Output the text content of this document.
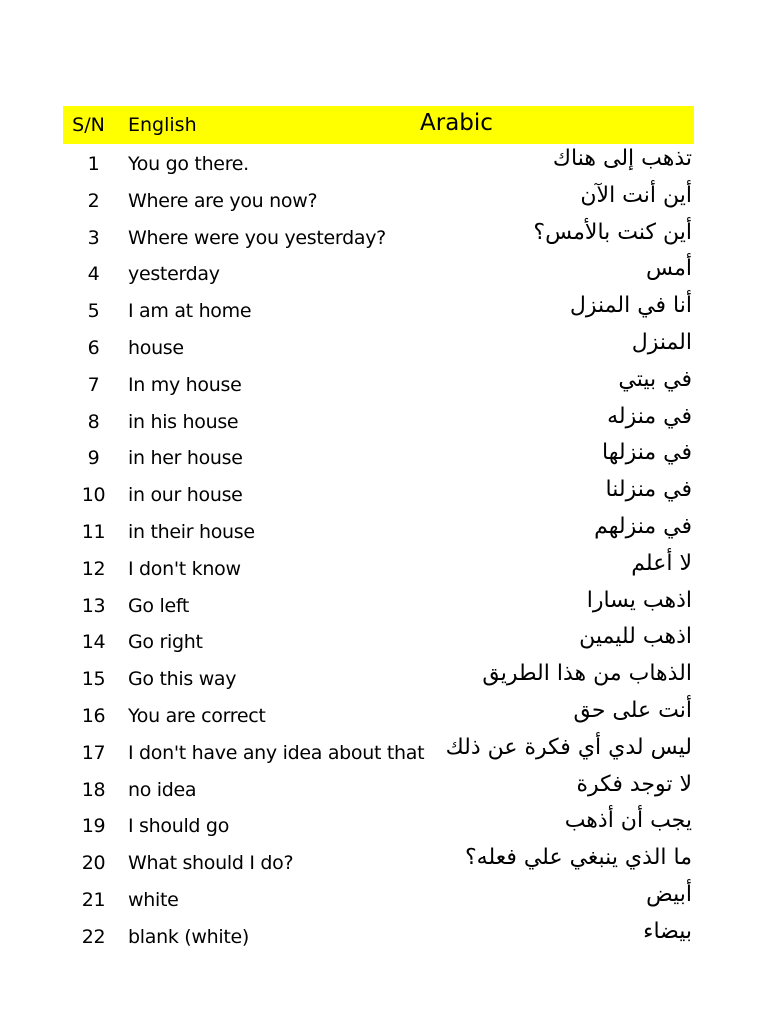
S/N	English	Arabic
1	You go there.	تذهب إلى هناك
2	Where are you now?	أين أنت الآن
3	Where were you yesterday?	أين كنت بالأمس؟
4	yesterday	أمس
5	I am at home	أنا في المنزل
6	house	المنزل
7	In my house	في بيتي
8	in his house	في منزله
9	in her house	في منزلها
10	in our house	في منزلنا
11	in their house	في منزلهم
12	I don't know	لا أعلم
13	Go left	اذهب يسارا
14	Go right	اذهب لليمين
15	Go this way	الذهاب من هذا الطريق
16	You are correct	أنت على حق
17	I don't have any idea about that ليس لدي أي فكرة عن ذلك
18	no idea	لا توجد فكرة
19	I should go	يجب أن أذهب
20	What should I do?	ما الذي ينبغي علي فعله؟
21	white	أبيض
22	blank (white)	بيضاء
